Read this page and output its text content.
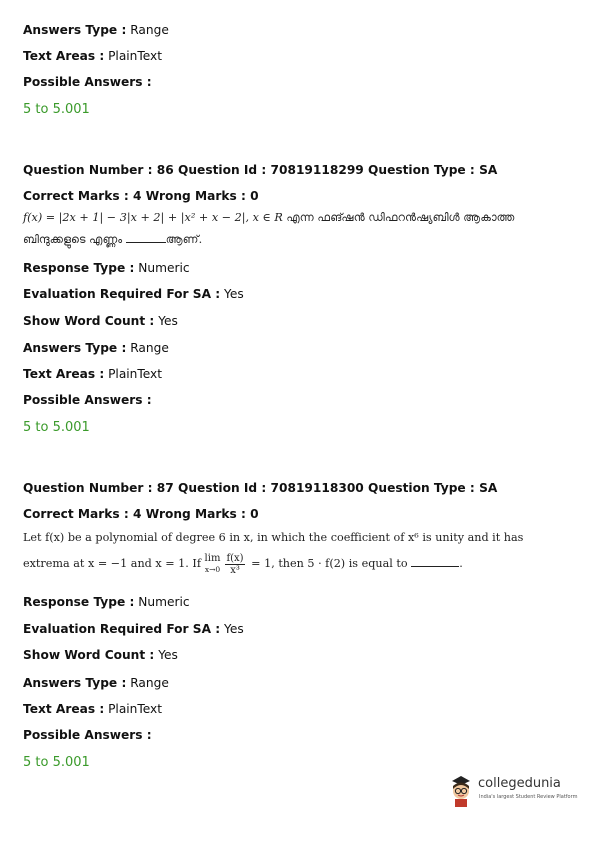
Answers Type : Range
Text Areas : PlainText
Possible Answers :
5 to 5.001
Question Number : 86 Question Id : 70819118299 Question Type : SA
Correct Marks : 4 Wrong Marks : 0
f(x) = |2x + 1| − 3|x + 2| + |x² + x − 2|, x ∈ R എന്ന ഫങ്ഷൻ ഡിഫറൻഷ്യബിൾ ആകാത്ത
ബിന്ദുക്കളുടെ എണ്ണം	ആണ്.
Response Type : Numeric
Evaluation Required For SA : Yes
Show Word Count : Yes
Answers Type : Range
Text Areas : PlainText
Possible Answers :
5 to 5.001
Question Number : 87 Question Id : 70819118300 Question Type : SA
Correct Marks : 4 Wrong Marks : 0
Let f(x) be a polynomial of degree 6 in x, in which the coefficient of x⁶ is unity and it has
extrema at x = −1 and x = 1. If lim
$x\to 0 \frac{f(x)}{\text{x³}} = 1$, then 5 · f(2) is equal to	.
Response Type : Numeric
Evaluation Required For SA : Yes
Show Word Count : Yes
Answers Type : Range
Text Areas : PlainText
Possible Answers :
5 to 5.001
collegedunia
India's largest Student Review Platform
